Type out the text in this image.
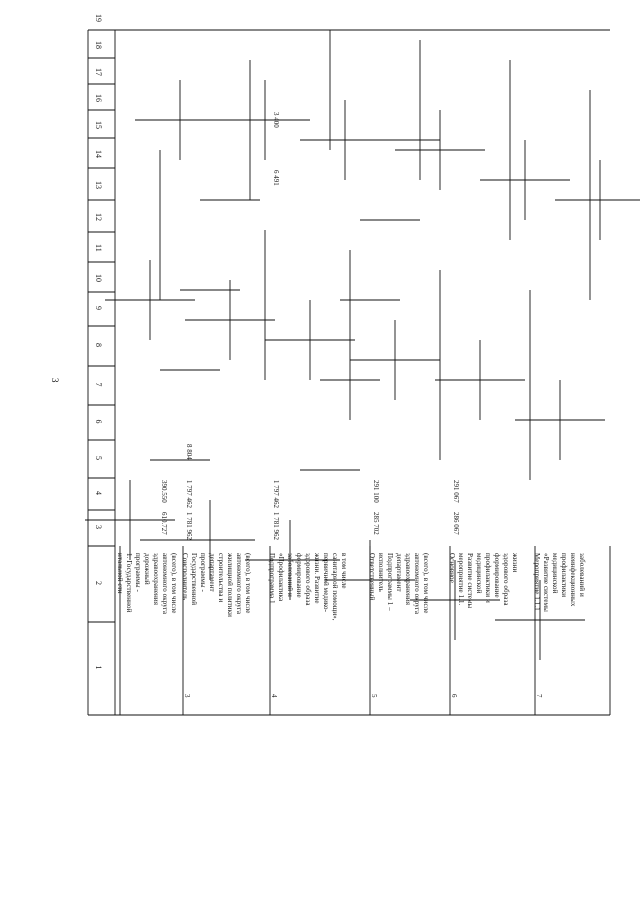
3
1
2
3
4
5
6
7
8
9
10
11
12
13
14
15
16
17
18
19
итальной сти 1. Государственной программы - дорожный здравоохранения автономного округа (всего), в том числе
610.727
390.550
3
Соисполнитель Государственной программы - департамент строительства и жилищной политики автономного округа (всего), в том числе
1 781 962
1 797 462
8 804
4
Подпрограмма 1 «Профилактика заболеваний и формирование здорового образа жизни. Развитие первичной медико- санитарной помощи», в том числе
1 781 962
1 797 462
6 491
3 400
5
Ответственный исполнитель Подпрограммы 1 – департамент здравоохранения автономного округа (всего), в том числе
285 702
291 100
6
Основное мероприятие 1.1. Развитие системы медицинской профилактики и формирование здорового образа жизни
286 067
291 067
7
Мероприятие 1.1.1 «Развитие системы медицинской профилактики неинфекционных заболеваний и
